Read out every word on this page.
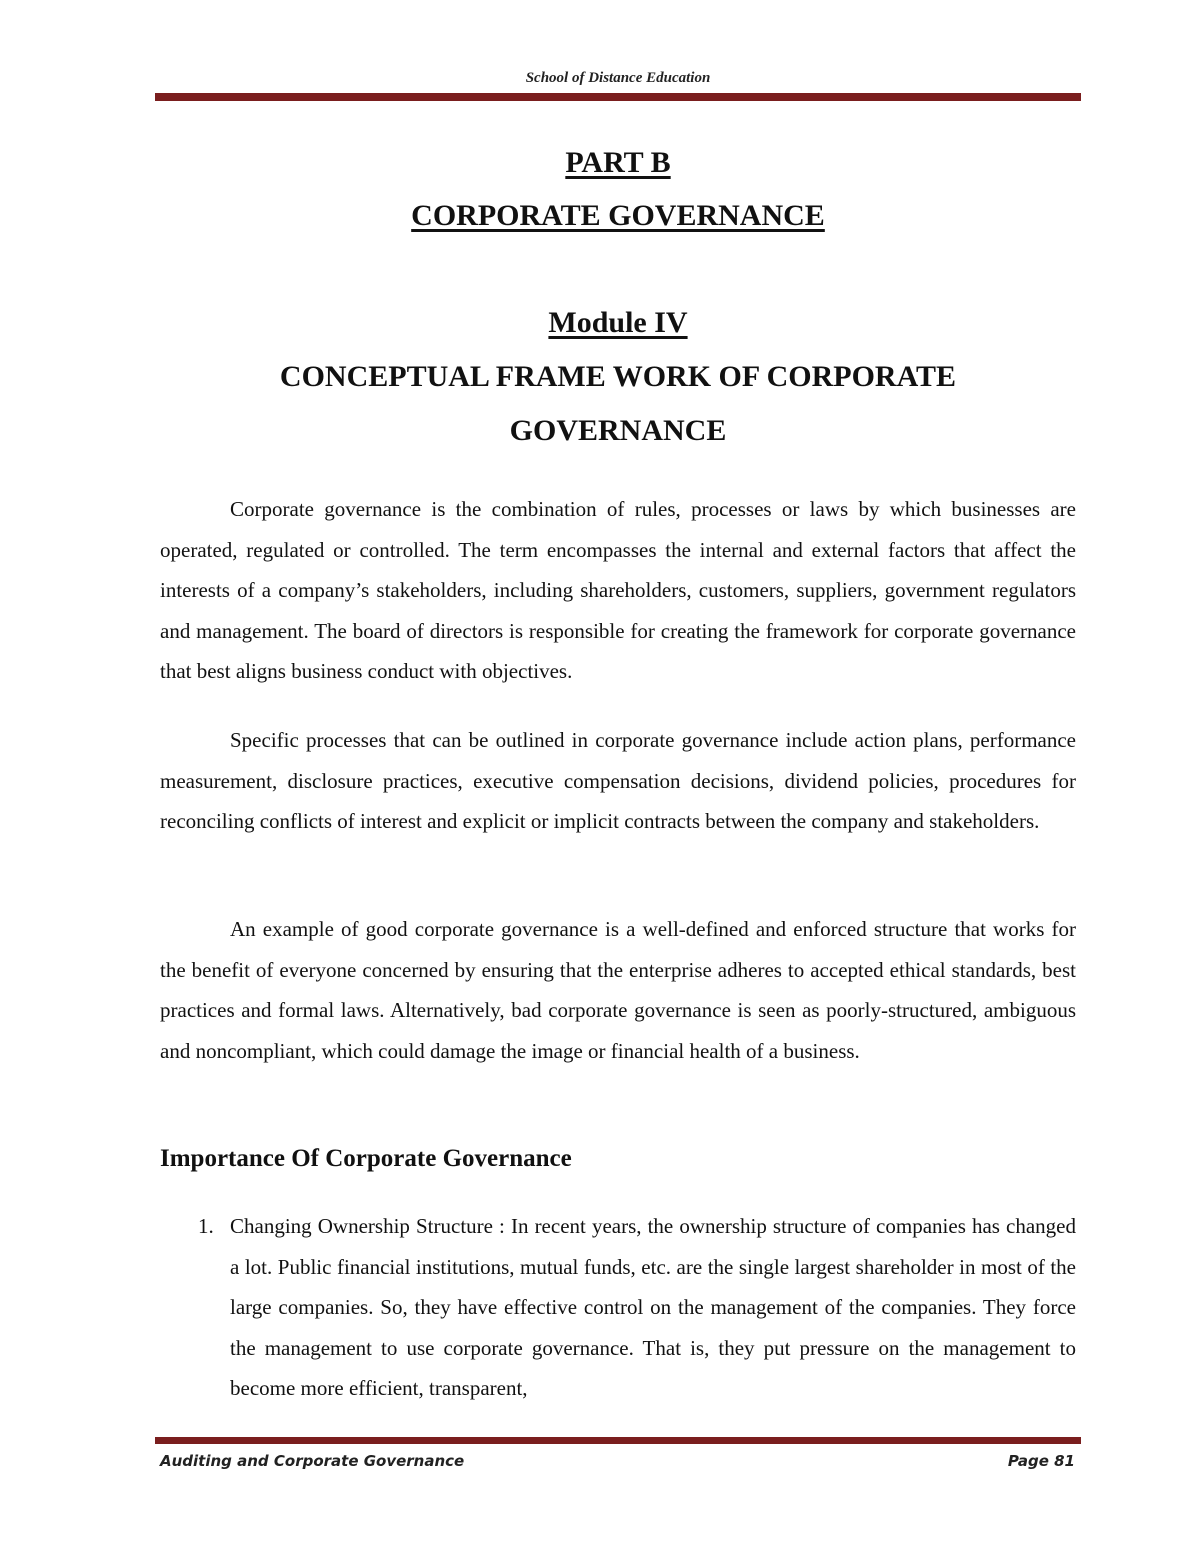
School of Distance Education
PART B
CORPORATE GOVERNANCE
Module IV
CONCEPTUAL FRAME WORK OF CORPORATE
GOVERNANCE

Corporate governance is the combination of rules, processes or laws by which businesses are operated, regulated or controlled. The term encompasses the internal and external factors that affect the interests of a company’s stakeholders, including shareholders, customers, suppliers, government regulators and management. The board of directors is responsible for creating the framework for corporate governance that best aligns business conduct with objectives.

Specific processes that can be outlined in corporate governance include action plans, performance measurement, disclosure practices, executive compensation decisions, dividend policies, procedures for reconciling conflicts of interest and explicit or implicit contracts between the company and stakeholders.

An example of good corporate governance is a well-defined and enforced structure that works for the benefit of everyone concerned by ensuring that the enterprise adheres to accepted ethical standards, best practices and formal laws. Alternatively, bad corporate governance is seen as poorly-structured, ambiguous and noncompliant, which could damage the image or financial health of a business.

Importance Of Corporate Governance
1. Changing Ownership Structure : In recent years, the ownership structure of companies has changed a lot. Public financial institutions, mutual funds, etc. are the single largest shareholder in most of the large companies. So, they have effective control on the management of the companies. They force the management to use corporate governance. That is, they put pressure on the management to become more efficient, transparent,

Auditing and Corporate Governance	Page 81
